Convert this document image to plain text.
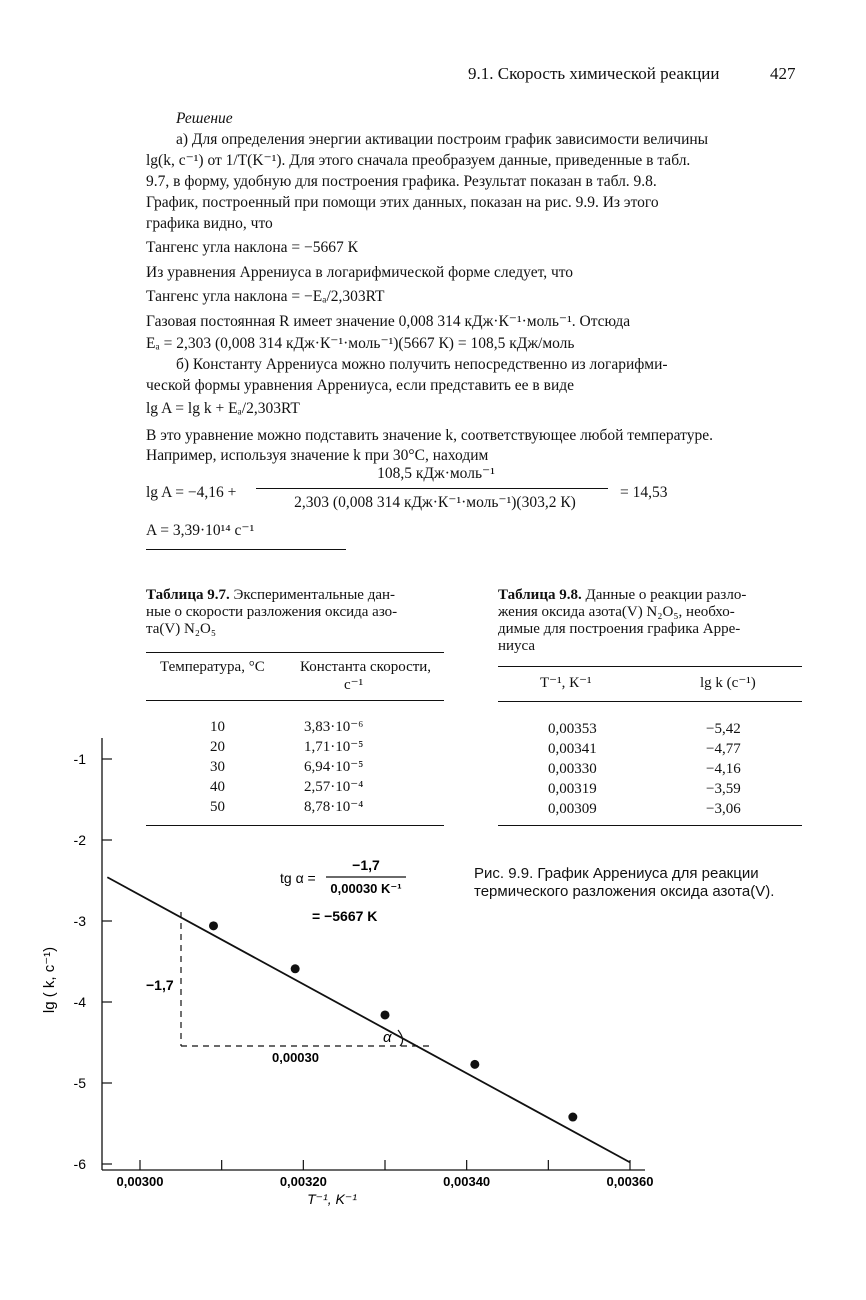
9.1. Скорость химической реакции	427
Решение
а) Для определения энергии активации построим график зависимости величины
lg(k, с⁻¹) от 1/T(K⁻¹). Для этого сначала преобразуем данные, приведенные в табл.
9.7, в форму, удобную для построения графика. Результат показан в табл. 9.8.
График, построенный при помощи этих данных, показан на рис. 9.9. Из этого
графика видно, что
Тангенс угла наклона = −5667 К
Из уравнения Аррениуса в логарифмической форме следует, что
Тангенс угла наклона = −Eₐ/2,303RT
Газовая постоянная R имеет значение 0,008 314 кДж·К⁻¹·моль⁻¹. Отсюда
Eₐ = 2,303 (0,008 314 кДж·К⁻¹·моль⁻¹)(5667 К) = 108,5 кДж/моль
б) Константу Аррениуса можно получить непосредственно из логарифми-
ческой формы уравнения Аррениуса, если представить ее в виде
lg A = lg k + Eₐ/2,303RT
В это уравнение можно подставить значение k, соответствующее любой температуре.
Например, используя значение k при 30°C, находим
lg A = −4,16 +
108,5 кДж·моль⁻¹
2,303 (0,008 314 кДж·К⁻¹·моль⁻¹)(303,2 К)
= 14,53
A = 3,39·10¹⁴ с⁻¹
Таблица 9.7. Экспериментальные дан-
ные о скорости разложения оксида азо-
та(V) N₂O₅
Температура, °С Константа скорости,
с⁻¹
10	3,83·10⁻⁶
20	1,71·10⁻⁵
30	6,94·10⁻⁵
40	2,57·10⁻⁴
50	8,78·10⁻⁴
Таблица 9.8. Данные о реакции разло-
жения оксида азота(V) N₂O₅, необхо-
димые для построения графика Арре-
ниуса
T⁻¹, К⁻¹	lg k (с⁻¹)
0,00353	−5,42
0,00341	−4,77
0,00330	−4,16
0,00319	−3,59
0,00309	−3,06
Рис. 9.9. График Аррениуса для реакции
термического разложения оксида азота(V).
-1
-2
-3
-4
-5
-6
0,00300	0,00320	0,00340	0,00360
T⁻¹, K⁻¹
lg ( k, c⁻¹)
α
−1,7
0,00030
tg α =
−1,7
0,00030 K⁻¹
= −5667 K
